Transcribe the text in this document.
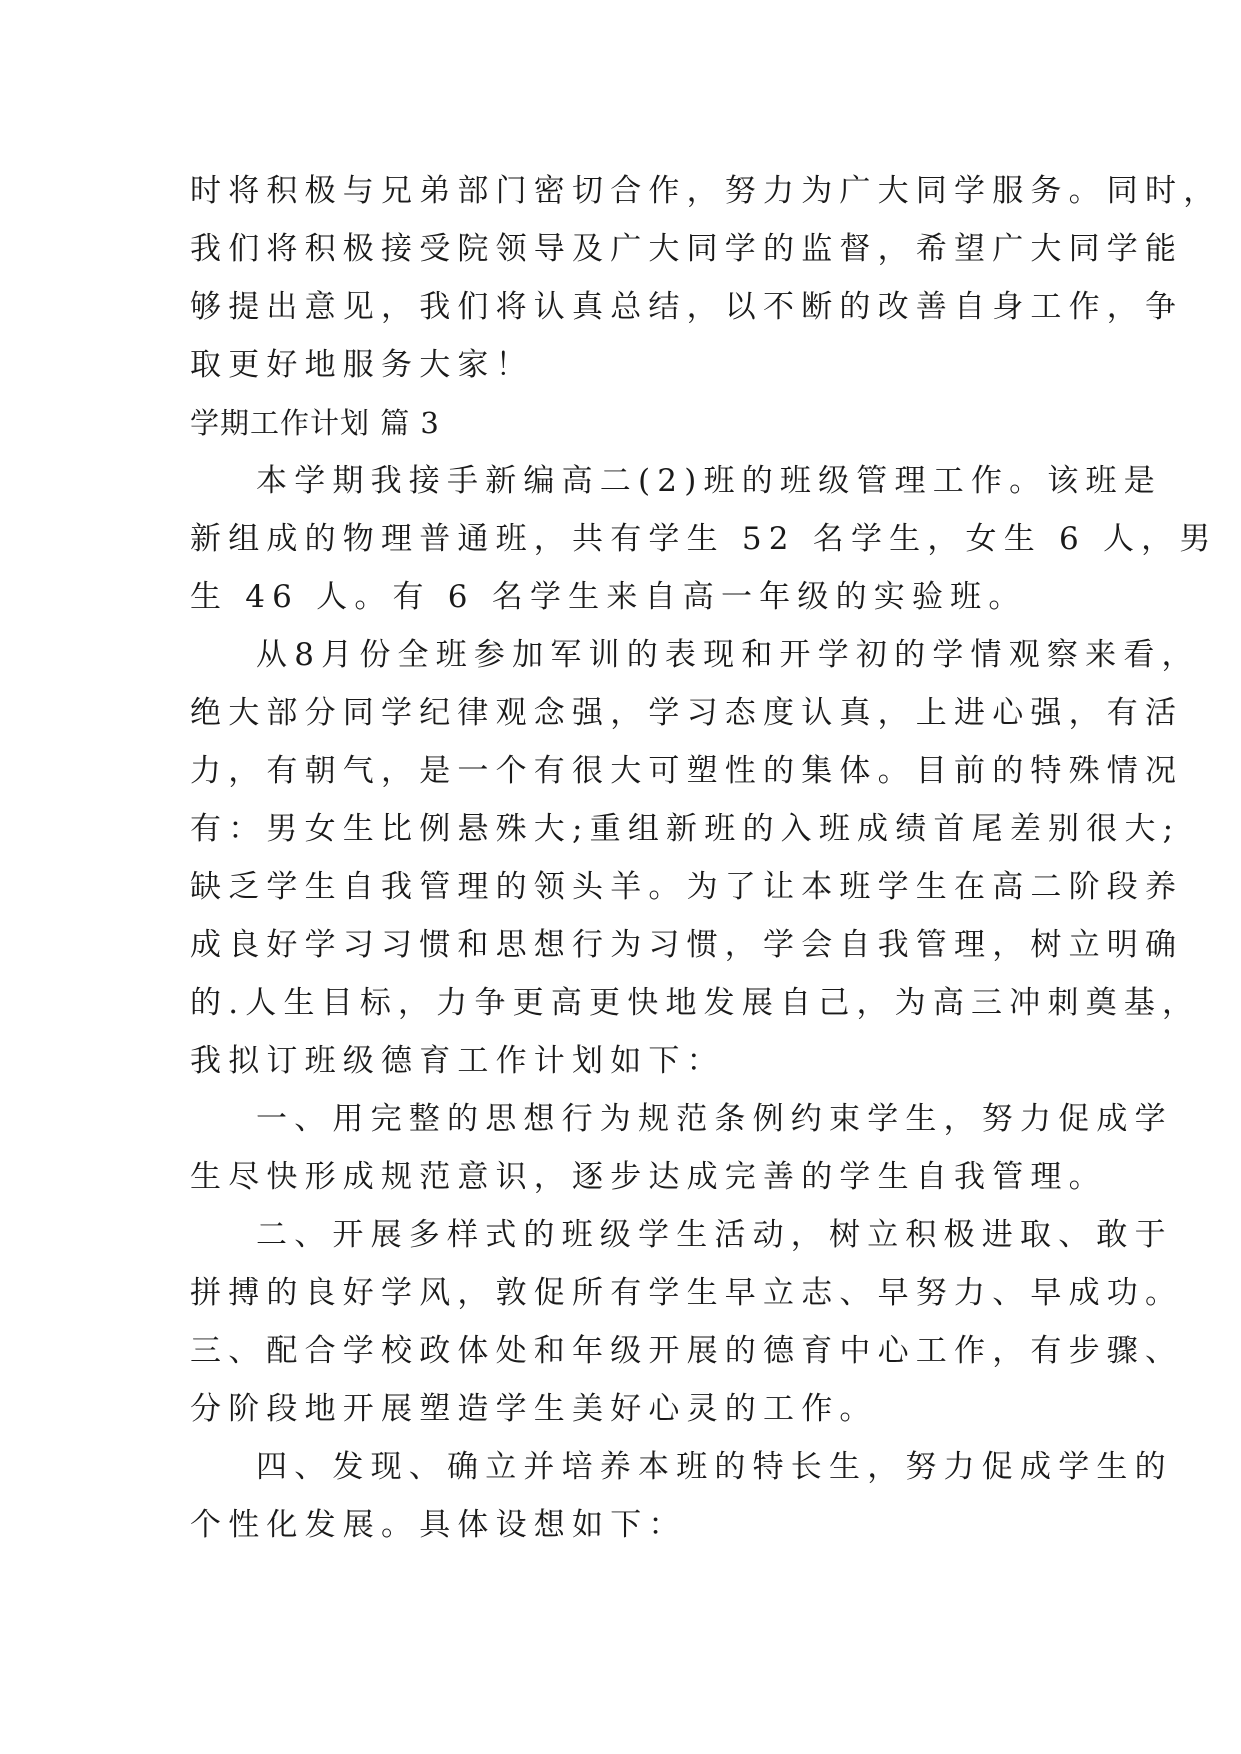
时将积极与兄弟部门密切合作，努力为广大同学服务。同时，
我们将积极接受院领导及广大同学的监督，希望广大同学能
够提出意见，我们将认真总结，以不断的改善自身工作，争
取更好地服务大家！
学期工作计划 篇 3
本学期我接手新编高二(2)班的班级管理工作。该班是
新组成的物理普通班，共有学生 52 名学生，女生 6 人，男
生 46 人。有 6 名学生来自高一年级的实验班。
从8月份全班参加军训的表现和开学初的学情观察来看，
绝大部分同学纪律观念强，学习态度认真，上进心强，有活
力，有朝气，是一个有很大可塑性的集体。目前的特殊情况
有：男女生比例悬殊大;重组新班的入班成绩首尾差别很大;
缺乏学生自我管理的领头羊。为了让本班学生在高二阶段养
成良好学习习惯和思想行为习惯，学会自我管理，树立明确
的.人生目标，力争更高更快地发展自己，为高三冲刺奠基，
我拟订班级德育工作计划如下：
一、用完整的思想行为规范条例约束学生，努力促成学
生尽快形成规范意识，逐步达成完善的学生自我管理。
二、开展多样式的班级学生活动，树立积极进取、敢于
拼搏的良好学风，敦促所有学生早立志、早努力、早成功。
三、配合学校政体处和年级开展的德育中心工作，有步骤、
分阶段地开展塑造学生美好心灵的工作。
四、发现、确立并培养本班的特长生，努力促成学生的
个性化发展。具体设想如下：
